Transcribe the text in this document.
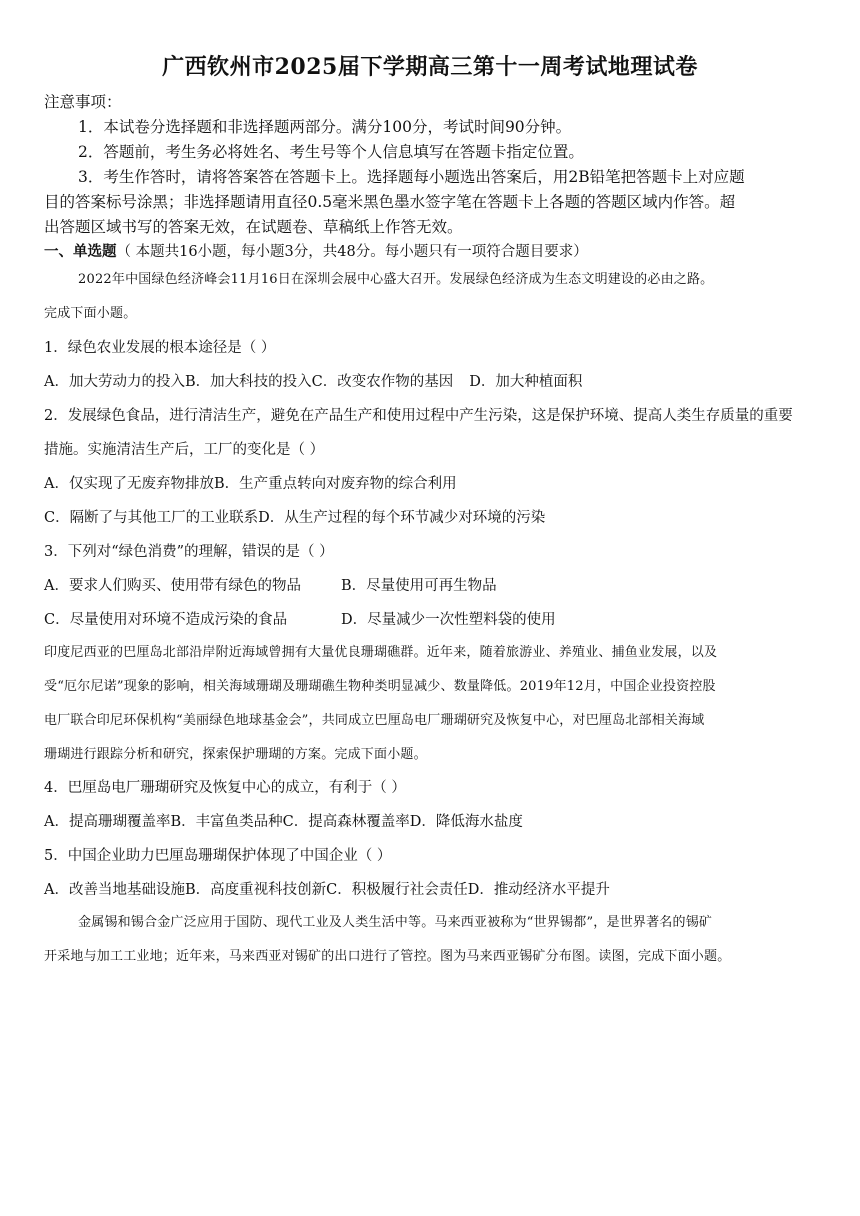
广西钦州市2025届下学期高三第十一周考试地理试卷
注意事项：
1．本试卷分选择题和非选择题两部分。满分100分，考试时间90分钟。
2．答题前，考生务必将姓名、考生号等个人信息填写在答题卡指定位置。
3．考生作答时，请将答案答在答题卡上。选择题每小题选出答案后，用2B铅笔把答题卡上对应题
目的答案标号涂黑；非选择题请用直径0.5毫米黑色墨水签字笔在答题卡上各题的答题区域内作答。超
出答题区域书写的答案无效，在试题卷、草稿纸上作答无效。
一、单选题（ 本题共16小题，每小题3分，共48分。每小题只有一项符合题目要求）
2022年中国绿色经济峰会11月16日在深圳会展中心盛大召开。发展绿色经济成为生态文明建设的必由之路。
完成下面小题。
1．绿色农业发展的根本途径是（ ）
A．加大劳动力的投入B．加大科技的投入C．改变农作物的基因 D．加大种植面积
2．发展绿色食品，进行清洁生产，避免在产品生产和使用过程中产生污染，这是保护环境、提高人类生存质量的重要
措施。实施清洁生产后，工厂的变化是（ ）
A．仅实现了无废弃物排放B．生产重点转向对废弃物的综合利用
C．隔断了与其他工厂的工业联系D．从生产过程的每个环节减少对环境的污染
3．下列对“绿色消费”的理解，错误的是（ ）
A．要求人们购买、使用带有绿色的物品	B．尽量使用可再生物品
C．尽量使用对环境不造成污染的食品	D．尽量减少一次性塑料袋的使用
印度尼西亚的巴厘岛北部沿岸附近海域曾拥有大量优良珊瑚礁群。近年来，随着旅游业、养殖业、捕鱼业发展，以及
受“厄尔尼诺”现象的影响，相关海域珊瑚及珊瑚礁生物种类明显减少、数量降低。2019年12月，中国企业投资控股
电厂联合印尼环保机构“美丽绿色地球基金会”，共同成立巴厘岛电厂珊瑚研究及恢复中心，对巴厘岛北部相关海域
珊瑚进行跟踪分析和研究，探索保护珊瑚的方案。完成下面小题。
4．巴厘岛电厂珊瑚研究及恢复中心的成立，有利于（ ）
A．提高珊瑚覆盖率B．丰富鱼类品种C．提高森林覆盖率D．降低海水盐度
5．中国企业助力巴厘岛珊瑚保护体现了中国企业（ ）
A．改善当地基础设施B．高度重视科技创新C．积极履行社会责任D．推动经济水平提升
金属锡和锡合金广泛应用于国防、现代工业及人类生活中等。马来西亚被称为“世界锡都”，是世界著名的锡矿
开采地与加工工业地；近年来，马来西亚对锡矿的出口进行了管控。图为马来西亚锡矿分布图。读图，完成下面小题。
